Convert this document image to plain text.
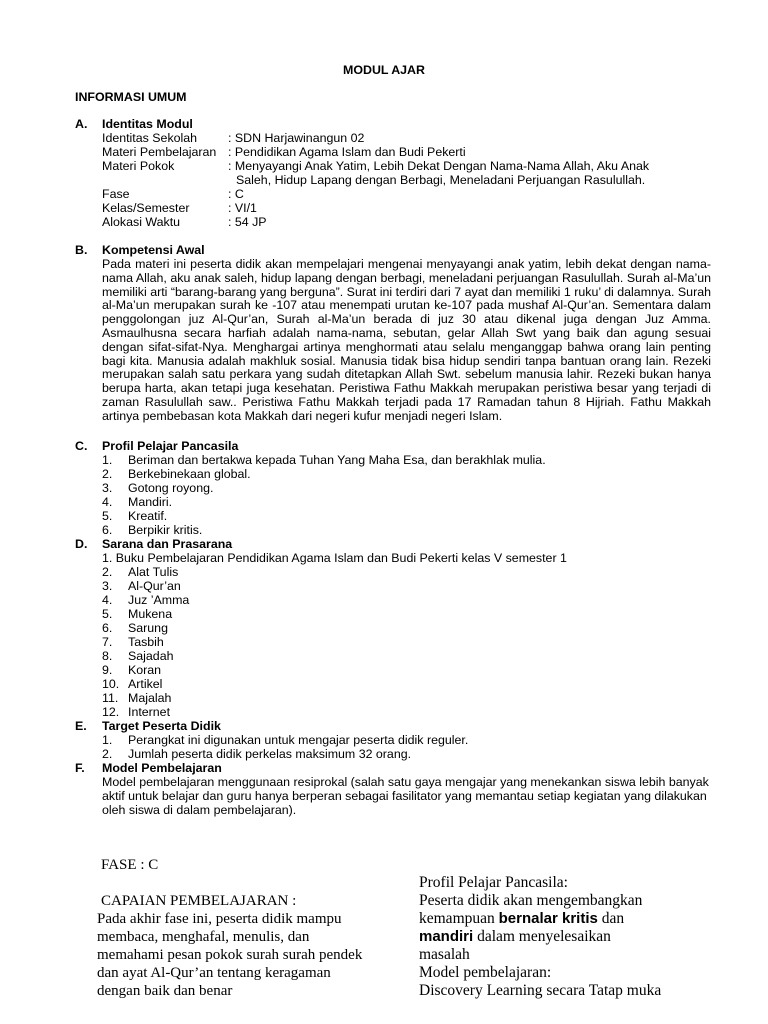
MODUL AJAR
INFORMASI UMUM
A. Identitas Modul
Identitas Sekolah : SDN Harjawinangun 02
Materi Pembelajaran : Pendidikan Agama Islam dan Budi Pekerti
Materi Pokok	: Menyayangi Anak Yatim, Lebih Dekat Dengan Nama-Nama Allah, Aku Anak
Saleh, Hidup Lapang dengan Berbagi, Meneladani Perjuangan Rasulullah.
Fase	: C
Kelas/Semester	: VI/1
Alokasi Waktu	: 54 JP
B. Kompetensi Awal
Pada materi ini peserta didik akan mempelajari mengenai menyayangi anak yatim, lebih dekat dengan nama-nama Allah, aku anak saleh, hidup lapang dengan berbagi, meneladani perjuangan Rasulullah. Surah al-Ma’un memiliki arti “barang-barang yang berguna”. Surat ini terdiri dari 7 ayat dan memiliki 1 ruku’ di dalamnya. Surah al-Ma’un merupakan surah ke -107 atau menempati urutan ke-107 pada mushaf Al-Qur’an. Sementara dalam penggolongan juz Al-Qur’an, Surah al-Ma’un berada di juz 30 atau dikenal juga dengan Juz Amma. Asmaulhusna secara harfiah adalah nama-nama, sebutan, gelar Allah Swt yang baik dan agung sesuai dengan sifat-sifat-Nya. Menghargai artinya menghormati atau selalu menganggap bahwa orang lain penting bagi kita. Manusia adalah makhluk sosial. Manusia tidak bisa hidup sendiri tanpa bantuan orang lain. Rezeki merupakan salah satu perkara yang sudah ditetapkan Allah Swt. sebelum manusia lahir. Rezeki bukan hanya berupa harta, akan tetapi juga kesehatan. Peristiwa Fathu Makkah merupakan peristiwa besar yang terjadi di zaman Rasulullah saw.. Peristiwa Fathu Makkah terjadi pada 17 Ramadan tahun 8 Hijriah. Fathu Makkah artinya pembebasan kota Makkah dari negeri kufur menjadi negeri Islam.
C. Profil Pelajar Pancasila
1. Beriman dan bertakwa kepada Tuhan Yang Maha Esa, dan berakhlak mulia.
2. Berkebinekaan global.
3. Gotong royong.
4. Mandiri.
5. Kreatif.
6. Berpikir kritis.
D. Sarana dan Prasarana
1. Buku Pembelajaran Pendidikan Agama Islam dan Budi Pekerti kelas V semester 1
2. Alat Tulis
3. Al-Qur’an
4. Juz ’Amma
5. Mukena
6. Sarung
7. Tasbih
8. Sajadah
9. Koran
10. Artikel
11. Majalah
12. Internet
E. Target Peserta Didik
1. Perangkat ini digunakan untuk mengajar peserta didik reguler.
2. Jumlah peserta didik perkelas maksimum 32 orang.
F. Model Pembelajaran
Model pembelajaran menggunaan resiprokal (salah satu gaya mengajar yang menekankan siswa lebih banyak aktif untuk belajar dan guru hanya berperan sebagai fasilitator yang memantau setiap kegiatan yang dilakukan oleh siswa di dalam pembelajaran).
FASE : C
CAPAIAN PEMBELAJARAN :
Pada akhir fase ini, peserta didik mampu
membaca, menghafal, menulis, dan
memahami pesan pokok surah surah pendek
dan ayat Al-Qur’an tentang keragaman
dengan baik dan benar
Profil Pelajar Pancasila:
Peserta didik akan mengembangkan
kemampuan bernalar kritis dan
mandiri dalam menyelesaikan
masalah
Model pembelajaran:
Discovery Learning secara Tatap muka
